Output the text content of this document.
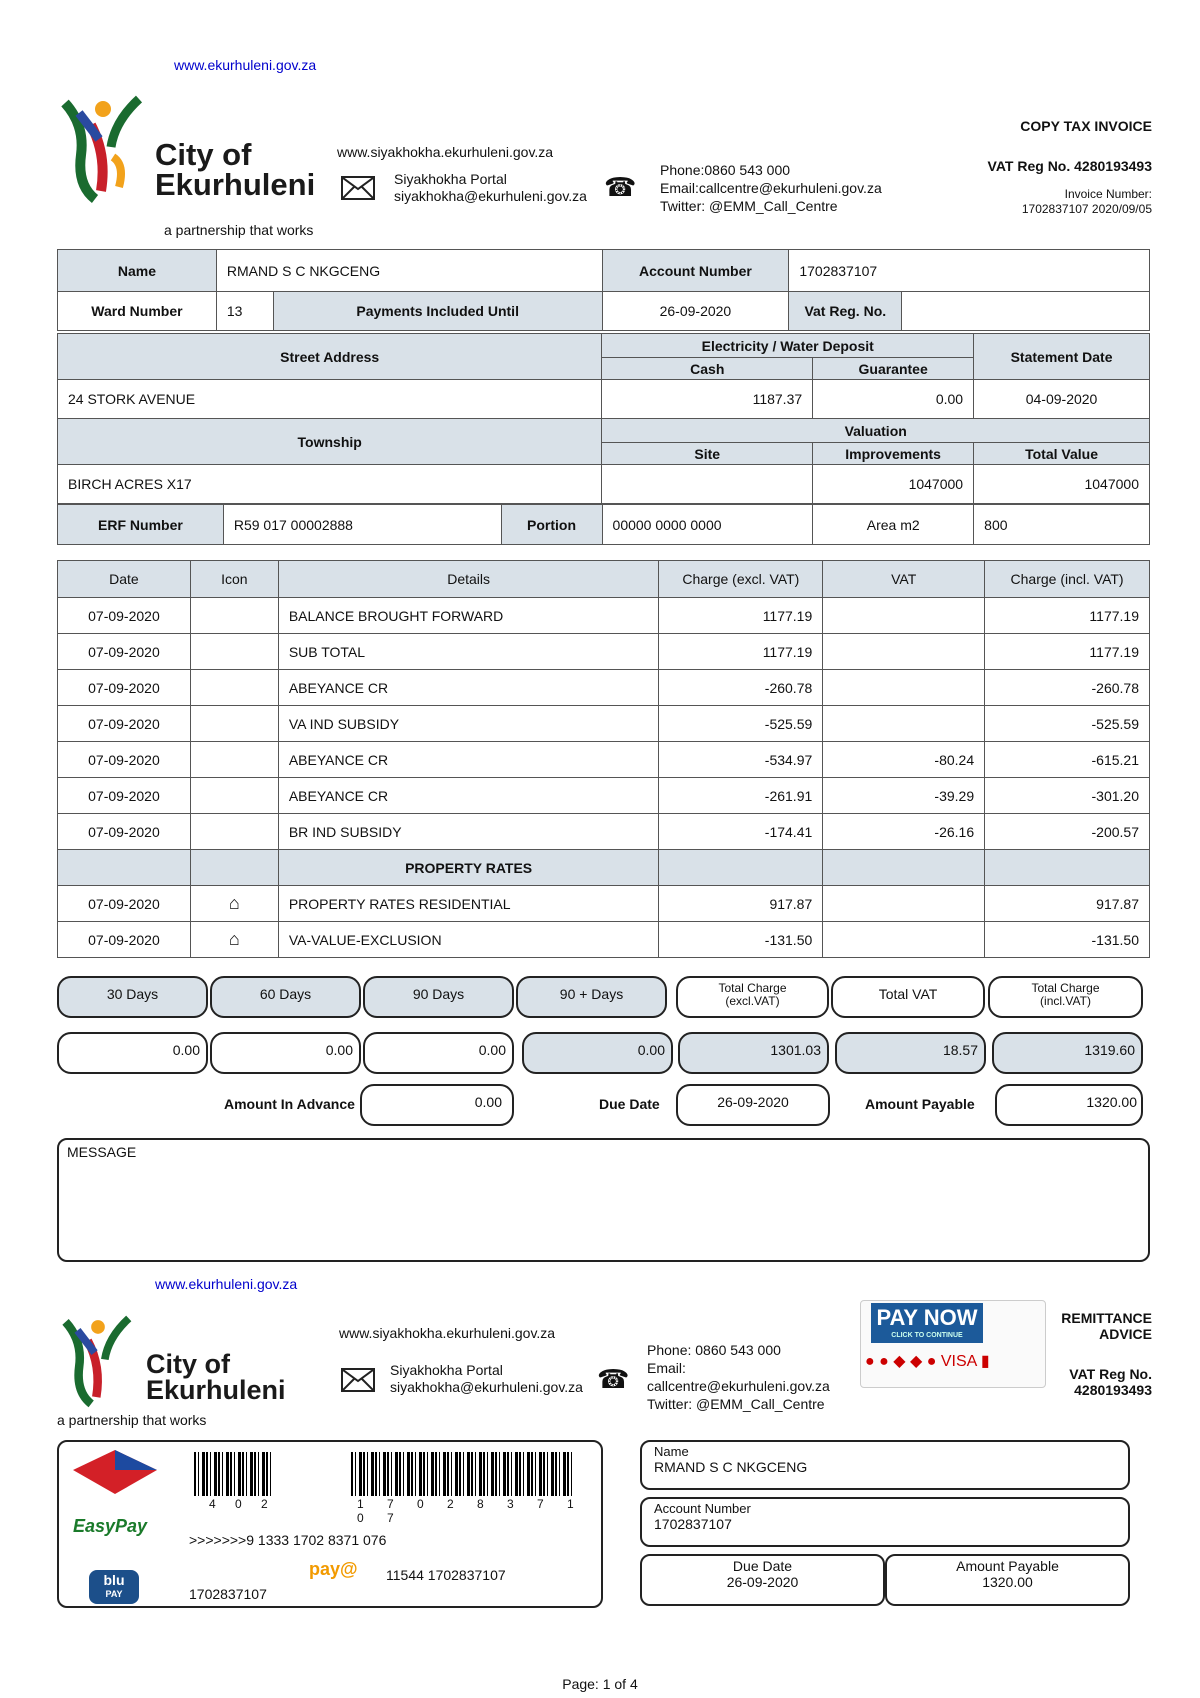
www.ekurhuleni.gov.za
City of
Ekurhuleni
a partnership that works
www.siyakhokha.ekurhuleni.gov.za
Siyakhokha Portal
siyakhokha@ekurhuleni.gov.za ☎
Phone:0860 543 000
Email:callcentre@ekurhuleni.gov.za
Twitter: @EMM_Call_Centre
COPY TAX INVOICE
VAT Reg No. 4280193493
Invoice Number:
1702837107 2020/09/05
Name	RMAND S C NKGCENG		Account Number	1702837107	
Ward Number	13	Payments Included Until	26-09-2020	Vat Reg. No.	
Street Address	Electricity / Water Deposit		Statement Date
	Cash	Guarantee	
24 STORK AVENUE	1187.37	0.00	04-09-2020
Township	Valuation		
	Site	Improvements	Total Value
BIRCH ACRES X17		1047000	1047000
ERF Number	R59 017 00002888	Portion	00000 0000 0000	Area m2	800
Date	Icon	Details	Charge (excl. VAT)	VAT	Charge (incl. VAT)
07-09-2020		BALANCE BROUGHT FORWARD	1177.19		1177.19
07-09-2020		SUB TOTAL	1177.19		1177.19
07-09-2020		ABEYANCE CR	-260.78		-260.78
07-09-2020		VA IND SUBSIDY	-525.59		-525.59
07-09-2020		ABEYANCE CR	-534.97	-80.24	-615.21
07-09-2020		ABEYANCE CR	-261.91	-39.29	-301.20
07-09-2020		BR IND SUBSIDY	-174.41	-26.16	-200.57
		PROPERTY RATES			
07-09-2020	⌂	PROPERTY RATES RESIDENTIAL	917.87		917.87
07-09-2020	⌂	VA-VALUE-EXCLUSION	-131.50		-131.50
30 Days	60 Days	90 Days	90 + Days	Total Charge
(excl.VAT)	Total VAT	Total Charge
(incl.VAT)
0.00	0.00	0.00	0.00	1301.03	18.57	1319.60
Amount In Advance	0.00	Due Date	26-09-2020	Amount Payable	1320.00
MESSAGE
www.ekurhuleni.gov.za
City of
Ekurhuleni
a partnership that works
www.siyakhokha.ekurhuleni.gov.za
Siyakhokha Portal
siyakhokha@ekurhuleni.gov.za ☎
Phone: 0860 543 000
Email:
callcentre@ekurhuleni.gov.za
Twitter: @EMM_Call_Centre
PAY NOW
CLICK TO CONTINUE
● ● ◆ ◆ ● VISA ▮
REMITTANCE
ADVICE
VAT Reg No.
4280193493
EasyPay
blu
PAY
4 0 2	1 7 0 2 8 3 7 1 0 7
>>>>>>>9 1333 1702 8371 076
pay@ 11544 1702837107
1702837107
Name
RMAND S C NKGCENG
Account Number
1702837107
Due Date
26-09-2020
Amount Payable
1320.00
Page: 1 of 4
